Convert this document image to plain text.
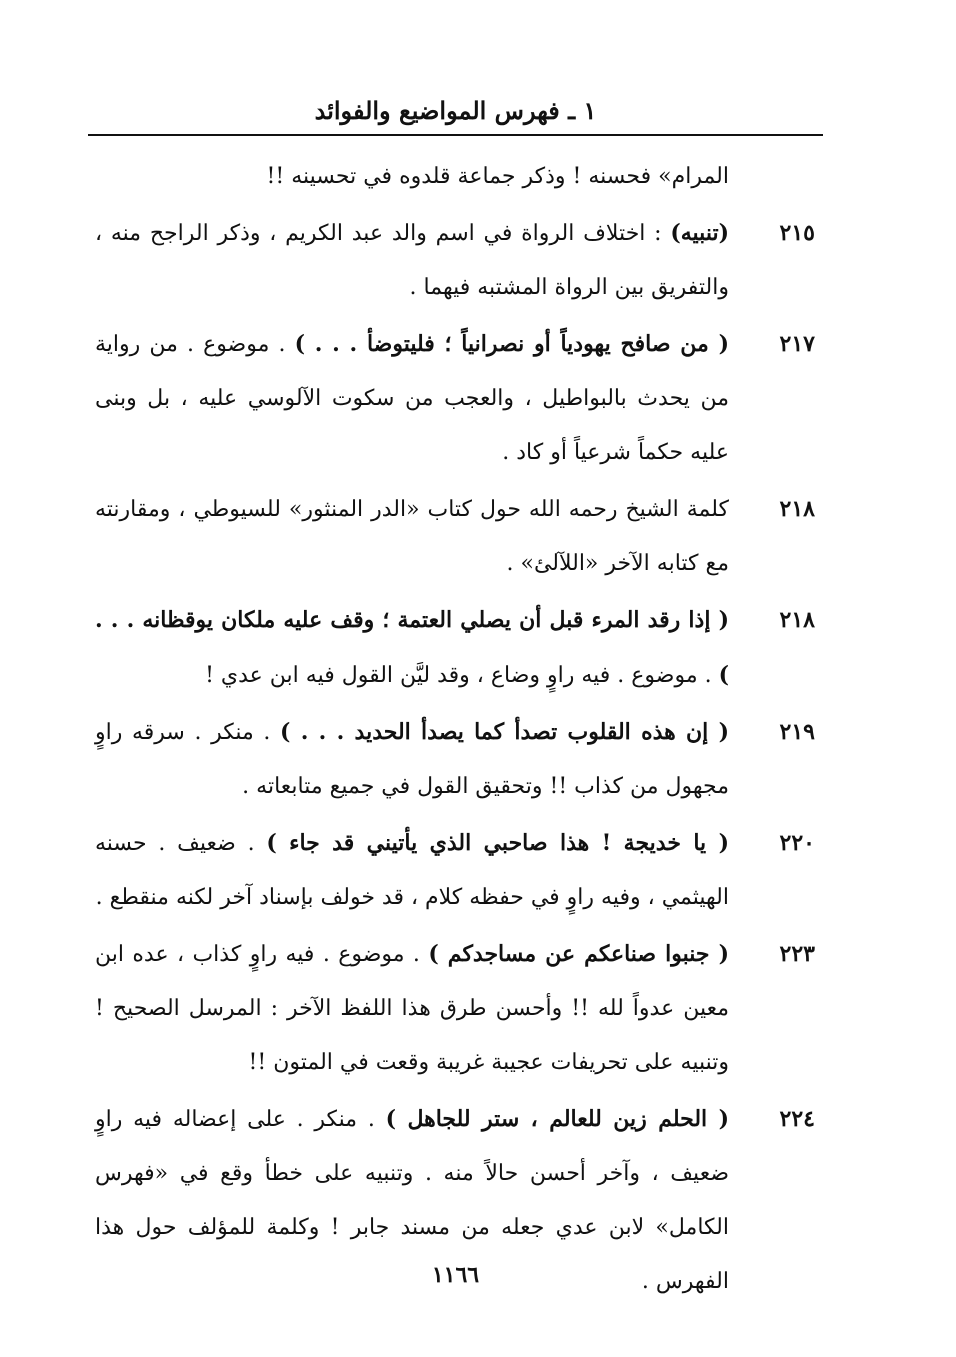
١ ـ فهرس المواضيع والفوائد
المرام» فحسنه ! وذكر جماعة قلدوه في تحسينه !!
٢١٥
(تنبيه) : اختلاف الرواة في اسم والد عبد الكريم ، وذكر الراجح منه ، والتفريق بين الرواة المشتبه فيهما .
٢١٧
( من صافح يهودياً أو نصرانياً ؛ فليتوضأ . . . ) . موضوع . من رواية من يحدث بالبواطيل ، والعجب من سكوت الآلوسي عليه ، بل وبنى عليه حكماً شرعياً أو كاد .
٢١٨
كلمة الشيخ رحمه الله حول كتاب «الدر المنثور» للسيوطي ، ومقارنته مع كتابه الآخر «اللآلئ» .
٢١٨
( إذا رقد المرء قبل أن يصلي العتمة ؛ وقف عليه ملكان يوقظانه . . . ) . موضوع . فيه راوٍ وضاع ، وقد ليَّن القول فيه ابن عدي !
٢١٩
( إن هذه القلوب تصدأ كما يصدأ الحديد . . . ) . منكر . سرقه راوٍ مجهول من كذاب !! وتحقيق القول في جميع متابعاته .
٢٢٠
( يا خديجة ! هذا صاحبي الذي يأتيني قد جاء ) . ضعيف . حسنه الهيثمي ، وفيه راوٍ في حفظه كلام ، قد خولف بإسناد آخر لكنه منقطع .
٢٢٣
( جنبوا صناعكم عن مساجدكم ) . موضوع . فيه راوٍ كذاب ، عده ابن معين عدواً لله !! وأحسن طرق هذا اللفظ الآخر : المرسل الصحيح ! وتنبيه على تحريفات عجيبة غريبة وقعت في المتون !!
٢٢٤
( الحلم زين للعالم ، ستر للجاهل ) . منكر . على إعضاله فيه راوٍ ضعيف ، وآخر أحسن حالاً منه . وتنبيه على خطأ وقع في «فهرس الكامل» لابن عدي جعله من مسند جابر ! وكلمة للمؤلف حول هذا الفهرس .
١١٦٦
